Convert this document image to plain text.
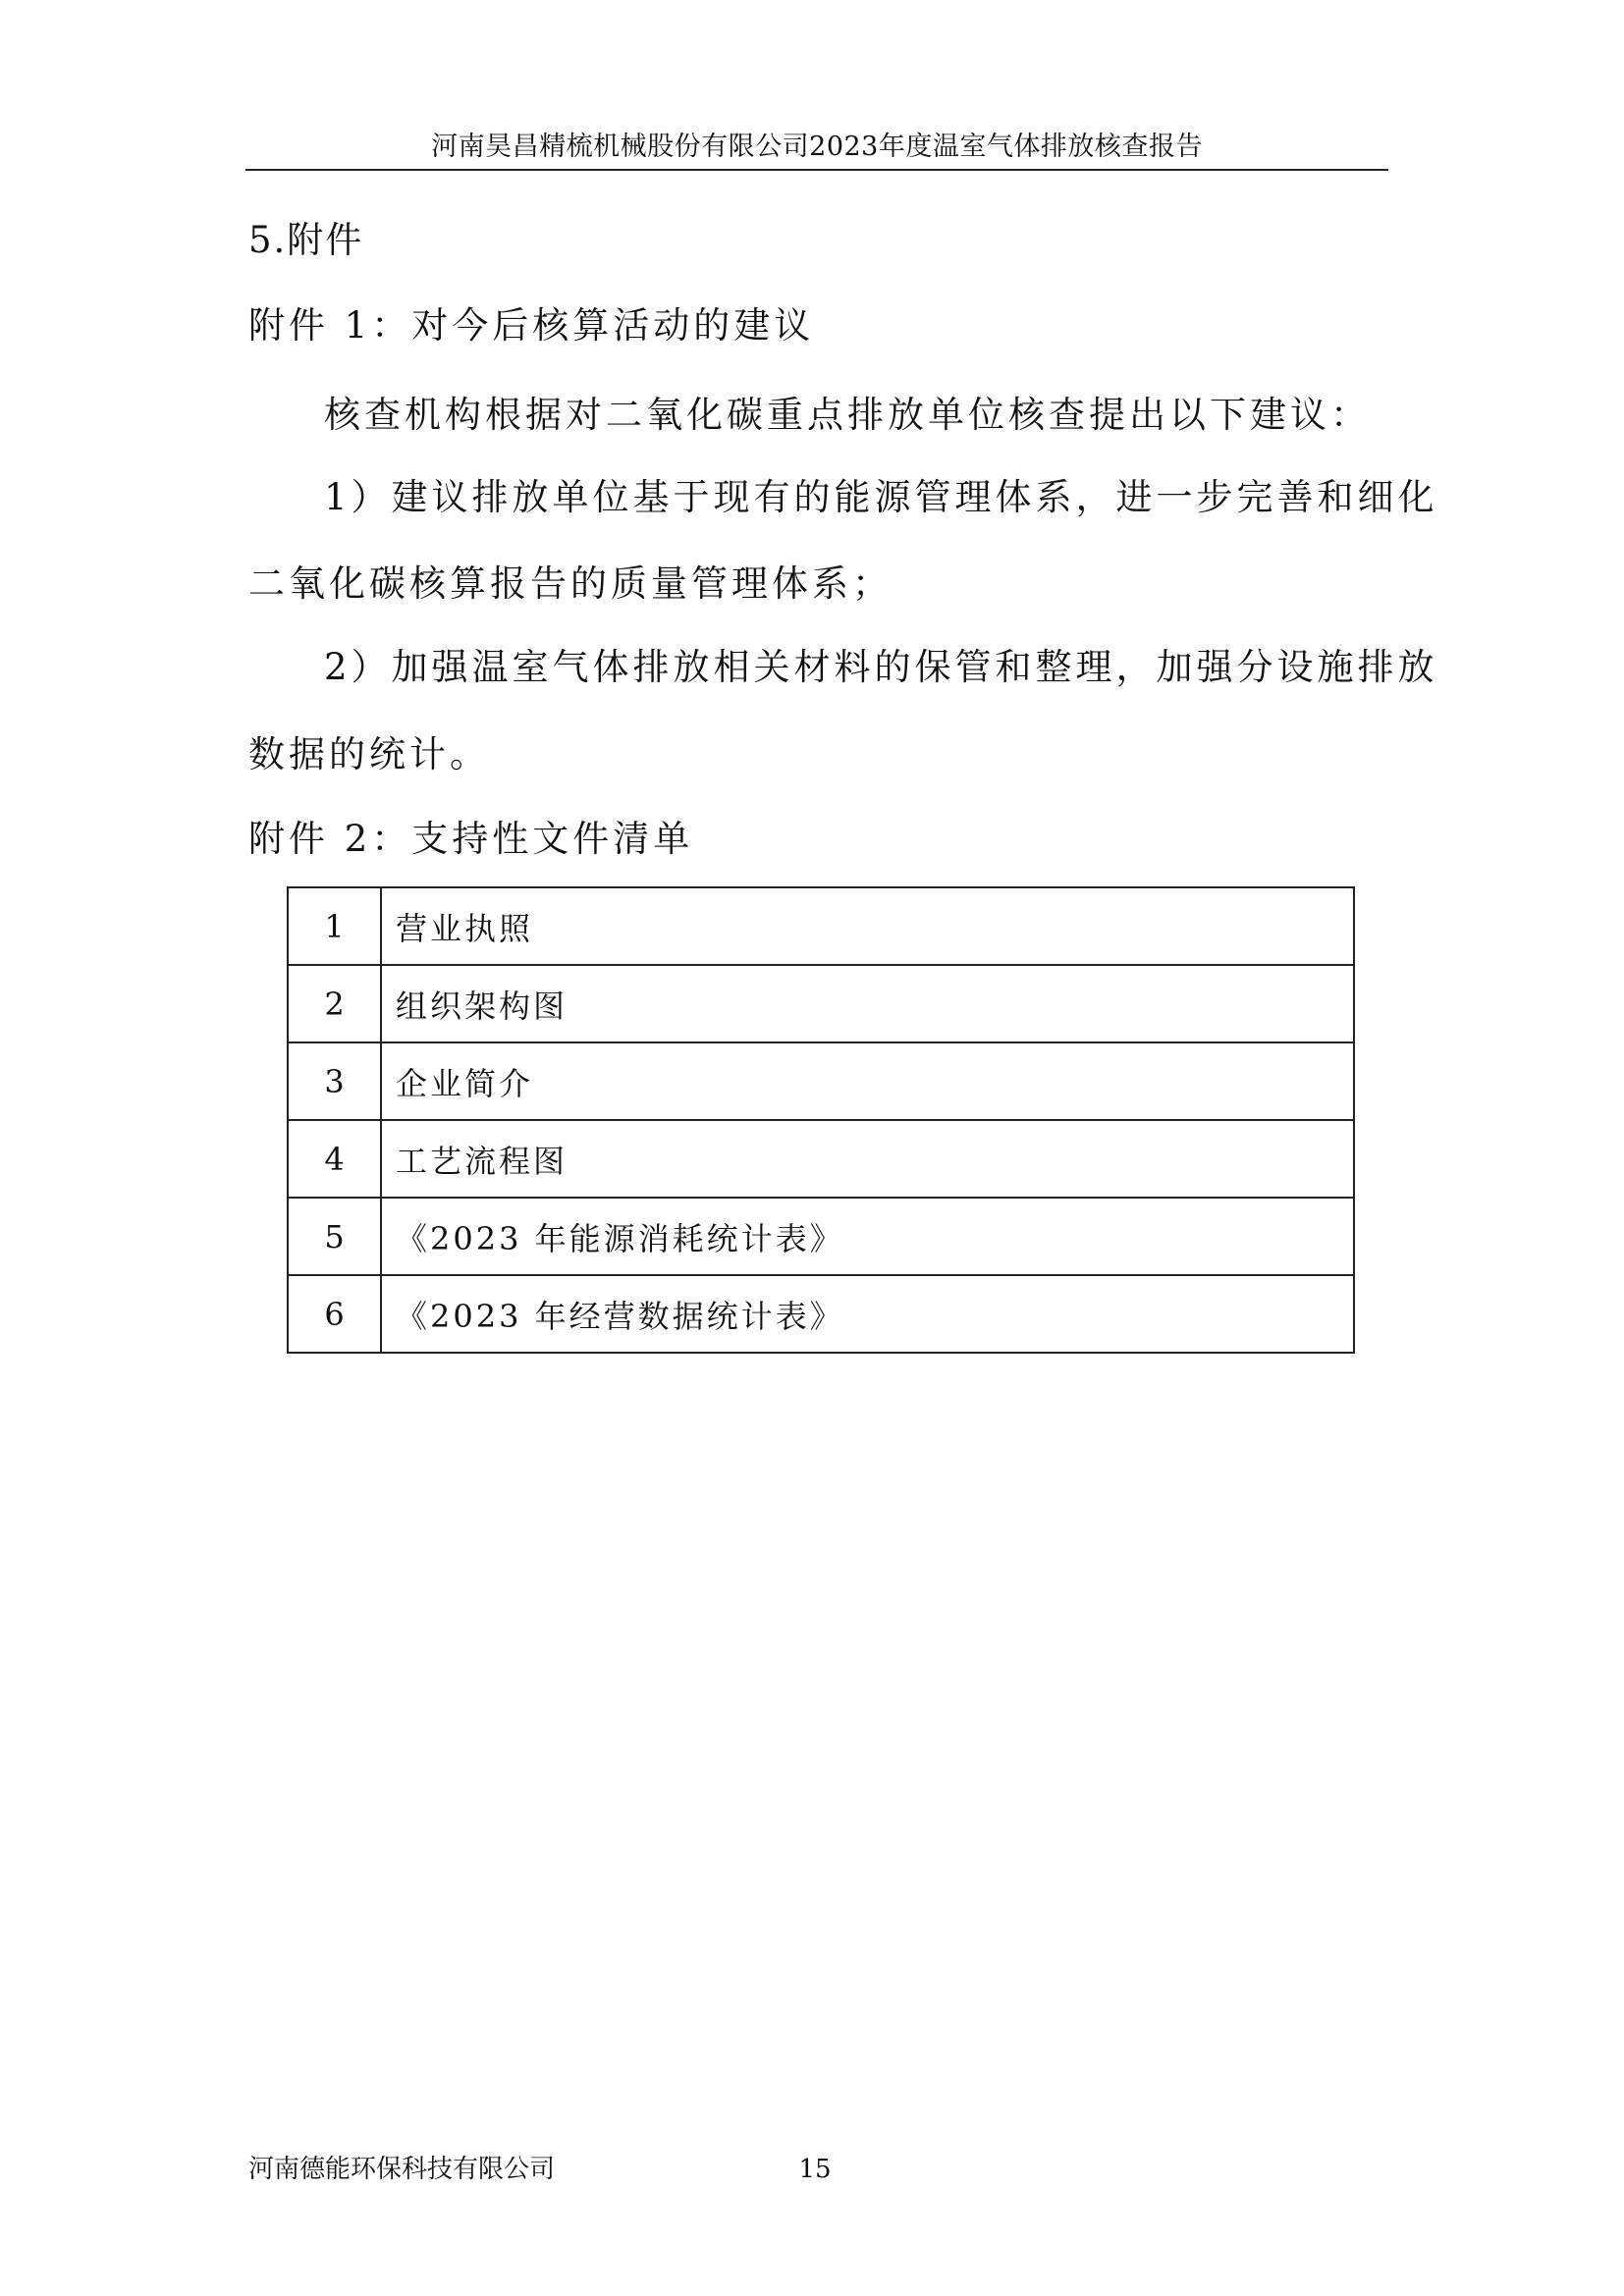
河南昊昌精梳机械股份有限公司2023年度温室气体排放核查报告
5.附件
附件 1：对今后核算活动的建议
核查机构根据对二氧化碳重点排放单位核查提出以下建议：
1）建议排放单位基于现有的能源管理体系，进一步完善和细化
二氧化碳核算报告的质量管理体系；
2）加强温室气体排放相关材料的保管和整理，加强分设施排放
数据的统计。
附件 2：支持性文件清单
1	营业执照
2	组织架构图
3	企业简介
4	工艺流程图
5	《2023 年能源消耗统计表》
6	《2023 年经营数据统计表》
河南德能环保科技有限公司	15
